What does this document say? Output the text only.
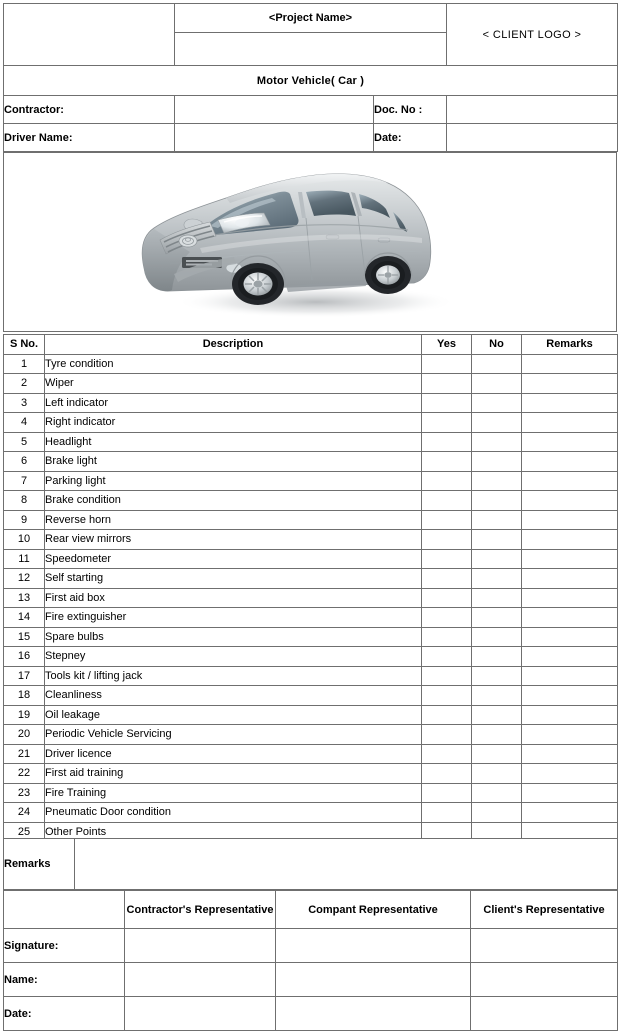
	<Project Name>		< CLIENT LOGO >

Motor Vehicle( Car )			
Contractor:		Doc. No :	
Driver Name:		Date:	
S No.	Description	Yes	No	Remarks
1	Tyre condition			
2	Wiper			
3	Left indicator			
4	Right indicator			
5	Headlight			
6	Brake light			
7	Parking light			
8	Brake condition			
9	Reverse horn			
10	Rear view mirrors			
11	Speedometer			
12	Self starting			
13	First aid box			
14	Fire extinguisher			
15	Spare bulbs			
16	Stepney			
17	Tools kit / lifting jack			
18	Cleanliness			
19	Oil leakage			
20	Periodic Vehicle Servicing			
21	Driver licence			
22	First aid training			
23	Fire Training			
24	Pneumatic Door condition			
25	Other Points			
Remarks	
	Contractor's Representative	Compant Representative	Client's Representative
Signature:			
Name:			
Date:			
